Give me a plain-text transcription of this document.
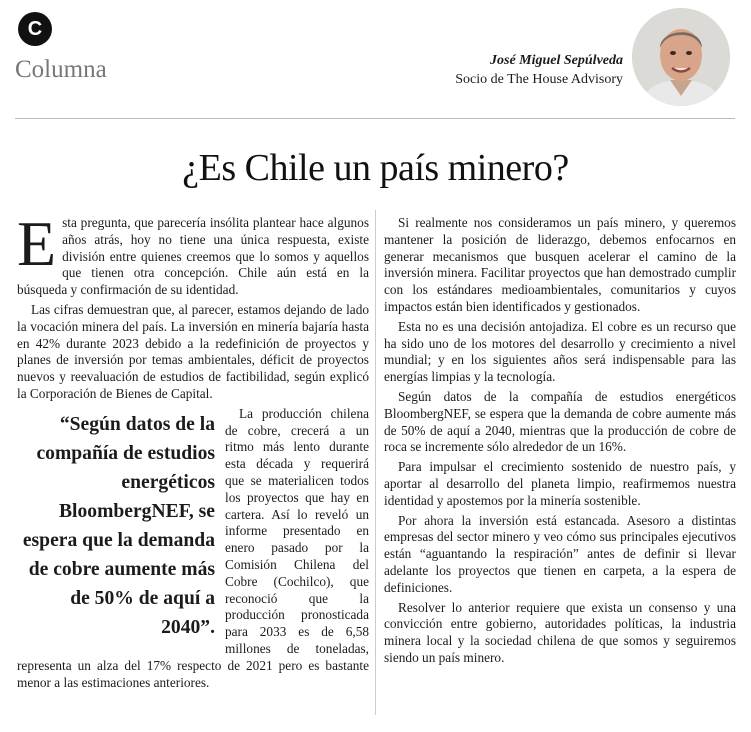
C
Columna	José Miguel Sepúlveda
Socio de The House Advisory
¿Es Chile un país minero?

Esta pregunta, que parecería insólita plantear hace algunos años atrás, hoy no tiene una única respuesta, existe división entre quienes creemos que lo somos y aquellos que tienen otra concepción. Chile aún está en la búsqueda y confirmación de su identidad.

Las cifras demuestran que, al parecer, estamos dejando de lado la vocación minera del país. La inversión en minería bajaría hasta en 42% durante 2023 debido a la redefinición de proyectos y planes de inversión por temas ambientales, déficit de proyectos nuevos y reevaluación de estudios de factibilidad, según explicó la Corporación de Bienes de Capital.

“Según datos de la compañía de estudios energéticos BloombergNEF, se espera que la demanda de cobre aumente más de 50% de aquí a 2040”.

La producción chilena de cobre, crecerá a un ritmo más lento durante esta década y requerirá que se materialicen todos los proyectos que hay en cartera. Así lo reveló un informe presentado en enero pasado por la Comisión Chilena del Cobre (Cochilco), que reconoció que la producción pronosticada para 2033 es de 6,58 millones de toneladas, representa un alza del 17% respecto de 2021 pero es bastante menor a las estimaciones anteriores.

Si realmente nos consideramos un país minero, y queremos mantener la posición de liderazgo, debemos enfocarnos en generar mecanismos que busquen acelerar el camino de la inversión minera. Facilitar proyectos que han demostrado cumplir con los estándares medioambientales, comunitarios y cuyos impactos están bien identificados y gestionados.

Esta no es una decisión antojadiza. El cobre es un recurso que ha sido uno de los motores del desarrollo y crecimiento a nivel mundial; y en los siguientes años será indispensable para las energías limpias y la tecnología.

Según datos de la compañía de estudios energéticos BloombergNEF, se espera que la demanda de cobre aumente más de 50% de aquí a 2040, mientras que la producción de cobre de roca se incremente sólo alrededor de un 16%.

Para impulsar el crecimiento sostenido de nuestro país, y aportar al desarrollo del planeta limpio, reafirmemos nuestra identidad y apostemos por la minería sostenible.

Por ahora la inversión está estancada. Asesoro a distintas empresas del sector minero y veo cómo sus principales ejecutivos están “aguantando la respiración” antes de definir si llevar adelante los proyectos que tienen en carpeta, a la espera de definiciones.

Resolver lo anterior requiere que exista un consenso y una convicción entre gobierno, autoridades políticas, la industria minera local y la sociedad chilena de que somos y seguiremos siendo un país minero.
